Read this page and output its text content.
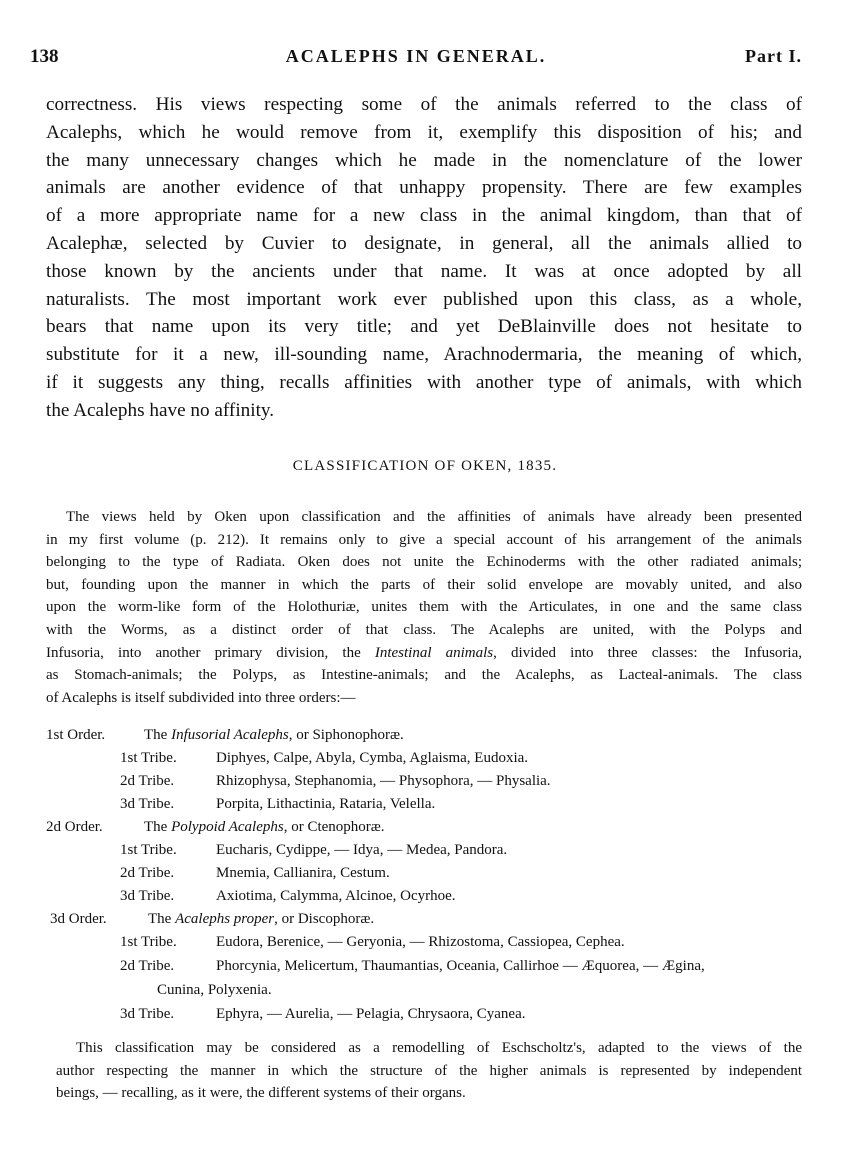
138	ACALEPHS IN GENERAL.	Part I.
correctness. His views respecting some of the animals referred to the class of
Acalephs, which he would remove from it, exemplify this disposition of his; and
the many unnecessary changes which he made in the nomenclature of the lower
animals are another evidence of that unhappy propensity. There are few examples
of a more appropriate name for a new class in the animal kingdom, than that of
Acalephæ, selected by Cuvier to designate, in general, all the animals allied to
those known by the ancients under that name. It was at once adopted by all
naturalists. The most important work ever published upon this class, as a whole,
bears that name upon its very title; and yet DeBlainville does not hesitate to
substitute for it a new, ill-sounding name, Arachnodermaria, the meaning of which,
if it suggests any thing, recalls affinities with another type of animals, with which
the Acalephs have no affinity.
CLASSIFICATION OF OKEN, 1835.
The views held by Oken upon classification and the affinities of animals have already been presented
in my first volume (p. 212). It remains only to give a special account of his arrangement of the animals
belonging to the type of Radiata. Oken does not unite the Echinoderms with the other radiated animals;
but, founding upon the manner in which the parts of their solid envelope are movably united, and also
upon the worm-like form of the Holothuriæ, unites them with the Articulates, in one and the same class
with the Worms, as a distinct order of that class. The Acalephs are united, with the Polyps and
Infusoria, into another primary division, the Intestinal animals, divided into three classes: the Infusoria,
as Stomach-animals; the Polyps, as Intestine-animals; and the Acalephs, as Lacteal-animals. The class
of Acalephs is itself subdivided into three orders:—
1st Order.	The Infusorial Acalephs, or Siphonophoræ.
1st Tribe.	Diphyes, Calpe, Abyla, Cymba, Aglaisma, Eudoxia.
2d Tribe.	Rhizophysa, Stephanomia, — Physophora, — Physalia.
3d Tribe.	Porpita, Lithactinia, Rataria, Velella.
2d Order.	The Polypoid Acalephs, or Ctenophoræ.
1st Tribe.	Eucharis, Cydippe, — Idya, — Medea, Pandora.
2d Tribe.	Mnemia, Callianira, Cestum.
3d Tribe.	Axiotima, Calymma, Alcinoe, Ocyrhoe.
3d Order.	The Acalephs proper, or Discophoræ.
1st Tribe.	Eudora, Berenice, — Geryonia, — Rhizostoma, Cassiopea, Cephea.
2d Tribe.	Phorcynia, Melicertum, Thaumantias, Oceania, Callirhoe — Æquorea, — Ægina,
Cunina, Polyxenia.
3d Tribe.	Ephyra, — Aurelia, — Pelagia, Chrysaora, Cyanea.
This classification may be considered as a remodelling of Eschscholtz's, adapted to the views of the
author respecting the manner in which the structure of the higher animals is represented by independent
beings, — recalling, as it were, the different systems of their organs.
